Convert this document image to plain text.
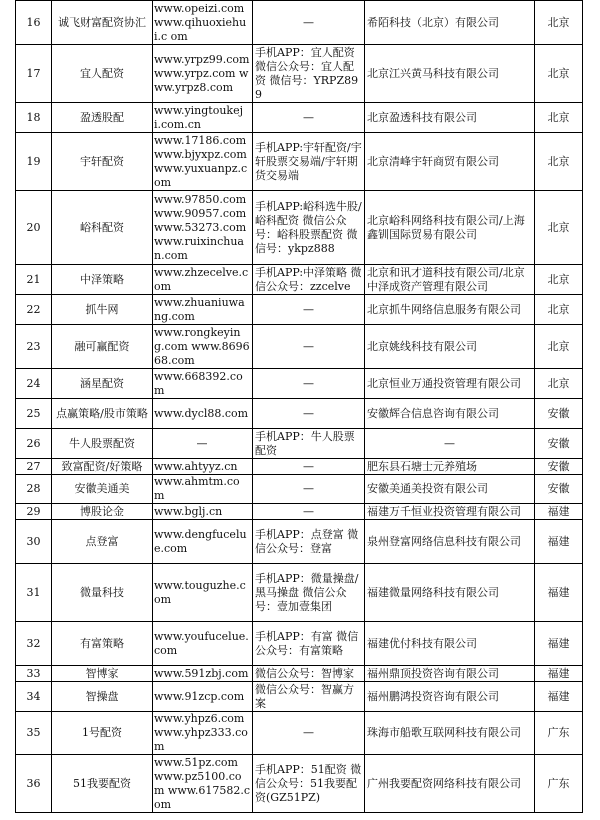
16	诚飞财富配资协汇	www.opeizi.com www.qihuoxiehui.c om	—	希陌科技（北京）有限公司	北京
17	宜人配资	www.yrpz99.com www.yrpz.com www.yrpz8.com	手机APP：宜人配资 微信公众号：宜人配资 微信号：YRPZ899	北京江兴黄马科技有限公司	北京
18	盈透股配	www.yingtoukeji.com.cn	—	北京盈透科技有限公司	北京
19	宇轩配资	www.17186.com www.bjyxpz.com www.yuxuanpz.com	手机APP:宇轩配资/宇轩股票交易端/宇轩期货交易端	北京清峰宇轩商贸有限公司	北京
20	峪科配资	www.97850.com www.90957.com www.53273.com www.ruixinchuan.com	手机APP:峪科选牛股/峪科配资 微信公众号：峪科股票配资 微信号：ykpz888	北京峪科网络科技有限公司/上海鑫钏国际贸易有限公司	北京
21	中泽策略	www.zhzecelve.com	手机APP:中泽策略 微信公众号：zzcelve	北京和讯才道科技有限公司/北京中泽成资产管理有限公司	北京
22	抓牛网	www.zhuaniuwang.com	—	北京抓牛网络信息服务有限公司	北京
23	融可赢配资	www.rongkeying.com www.869668.com	—	北京姚线科技有限公司	北京
24	涵星配资	www.668392.com	—	北京恒业万通投资管理有限公司	北京
25	点赢策略/股市策略	www.dycl88.com	—	安徽辉合信息咨询有限公司	安徽
26	牛人股票配资	—	手机APP：牛人股票配资	—	安徽
27	致富配资/好策略	www.ahtyyz.cn	—	肥东县石塘士元养殖场	安徽
28	安徽美通美	www.ahmtm.com	—	安徽美通美投资有限公司	安徽
29	博股论金	www.bglj.cn	—	福建万千恒业投资管理有限公司	福建
30	点登富	www.dengfucelue.com	手机APP：点登富 微信公众号：登富	泉州登富网络信息科技有限公司	福建
31	微量科技	www.touguzhe.com	手机APP：微量操盘/黑马操盘 微信公众号：壹加壹集团	福建微量网络科技有限公司	福建
32	有富策略	www.youfucelue.com	手机APP：有富 微信公众号：有富策略	福建优付科技有限公司	福建
33	智博家	www.591zbj.com	微信公众号：智博家	福州鼎顶投资咨询有限公司	福建
34	智操盘	www.91zcp.com	微信公众号：智赢方案	福州鹏鸿投资咨询有限公司	福建
35	1号配资	www.yhpz6.com www.yhpz333.com	—	珠海市船歌互联网科技有限公司	广东
36	51我要配资	www.51pz.com www.pz5100.com www.617582.com	手机APP：51配资 微信公众号：51我要配资(GZ51PZ)	广州我要配资网络科技有限公司	广东
